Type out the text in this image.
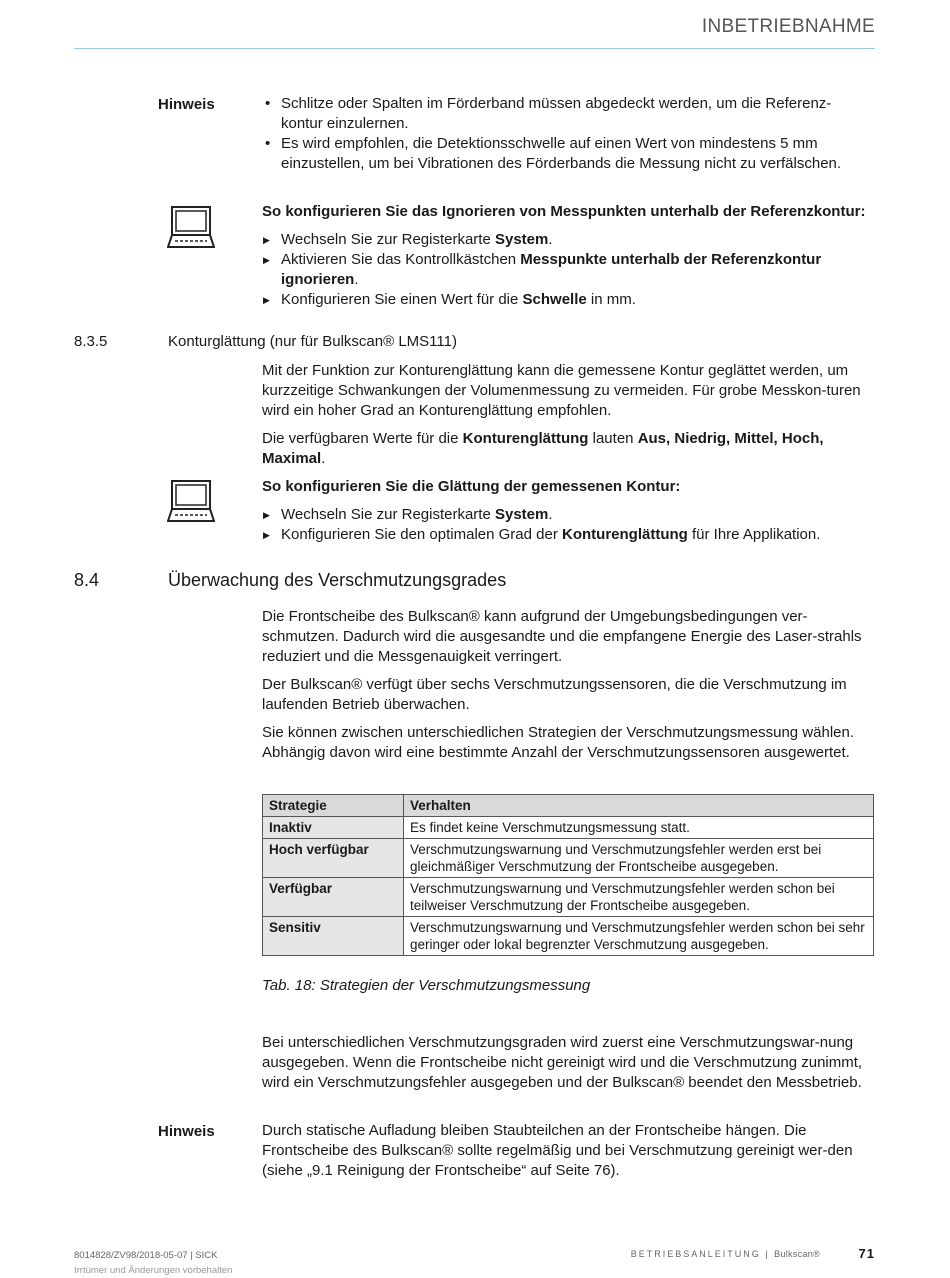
INBETRIEBNAHME
Hinweis	• Schlitze oder Spalten im Förderband müssen abgedeckt werden, um die Referenz-kontur einzulernen.
• Es wird empfohlen, die Detektionsschwelle auf einen Wert von mindestens 5 mm einzustellen, um bei Vibrationen des Förderbands die Messung nicht zu verfälschen.
So konfigurieren Sie das Ignorieren von Messpunkten unterhalb der Referenzkontur:
▶ Wechseln Sie zur Registerkarte System.
▶ Aktivieren Sie das Kontrollkästchen Messpunkte unterhalb der Referenzkontur ignorieren.
▶ Konfigurieren Sie einen Wert für die Schwelle in mm.
8.3.5	Konturglättung (nur für Bulkscan® LMS111)

Mit der Funktion zur Konturenglättung kann die gemessene Kontur geglättet werden, um kurzzeitige Schwankungen der Volumenmessung zu vermeiden. Für grobe Messkon-turen wird ein hoher Grad an Konturenglättung empfohlen.

Die verfügbaren Werte für die Konturenglättung lauten Aus, Niedrig, Mittel, Hoch, Maximal.

So konfigurieren Sie die Glättung der gemessenen Kontur:
▶ Wechseln Sie zur Registerkarte System.
▶ Konfigurieren Sie den optimalen Grad der Konturenglättung für Ihre Applikation.
8.4	Überwachung des Verschmutzungsgrades

Die Frontscheibe des Bulkscan® kann aufgrund der Umgebungsbedingungen ver-schmutzen. Dadurch wird die ausgesandte und die empfangene Energie des Laser-strahls reduziert und die Messgenauigkeit verringert.

Der Bulkscan® verfügt über sechs Verschmutzungssensoren, die die Verschmutzung im laufenden Betrieb überwachen.

Sie können zwischen unterschiedlichen Strategien der Verschmutzungsmessung wählen. Abhängig davon wird eine bestimmte Anzahl der Verschmutzungssensoren ausgewertet.

Strategie	Verhalten
Inaktiv	Es findet keine Verschmutzungsmessung statt.
Hoch verfügbar	Verschmutzungswarnung und Verschmutzungsfehler werden erst bei gleichmäßiger Verschmutzung der Frontscheibe ausgegeben.
Verfügbar	Verschmutzungswarnung und Verschmutzungsfehler werden schon bei teilweiser Verschmutzung der Frontscheibe ausgegeben.
Sensitiv	Verschmutzungswarnung und Verschmutzungsfehler werden schon bei sehr geringer oder lokal begrenzter Verschmutzung ausgegeben.
Tab. 18: Strategien der Verschmutzungsmessung
Bei unterschiedlichen Verschmutzungsgraden wird zuerst eine Verschmutzungswar-nung ausgegeben. Wenn die Frontscheibe nicht gereinigt wird und die Verschmutzung zunimmt, wird ein Verschmutzungsfehler ausgegeben und der Bulkscan® beendet den Messbetrieb.
Hinweis	Durch statische Aufladung bleiben Staubteilchen an der Frontscheibe hängen. Die Frontscheibe des Bulkscan® sollte regelmäßig und bei Verschmutzung gereinigt wer-den (siehe „9.1 Reinigung der Frontscheibe“ auf Seite 76).
8014828/ZV98/2018-05-07 | SICK
Irrtümer und Änderungen vorbehalten
BETRIEBSANLEITUNG | Bulkscan®	71
